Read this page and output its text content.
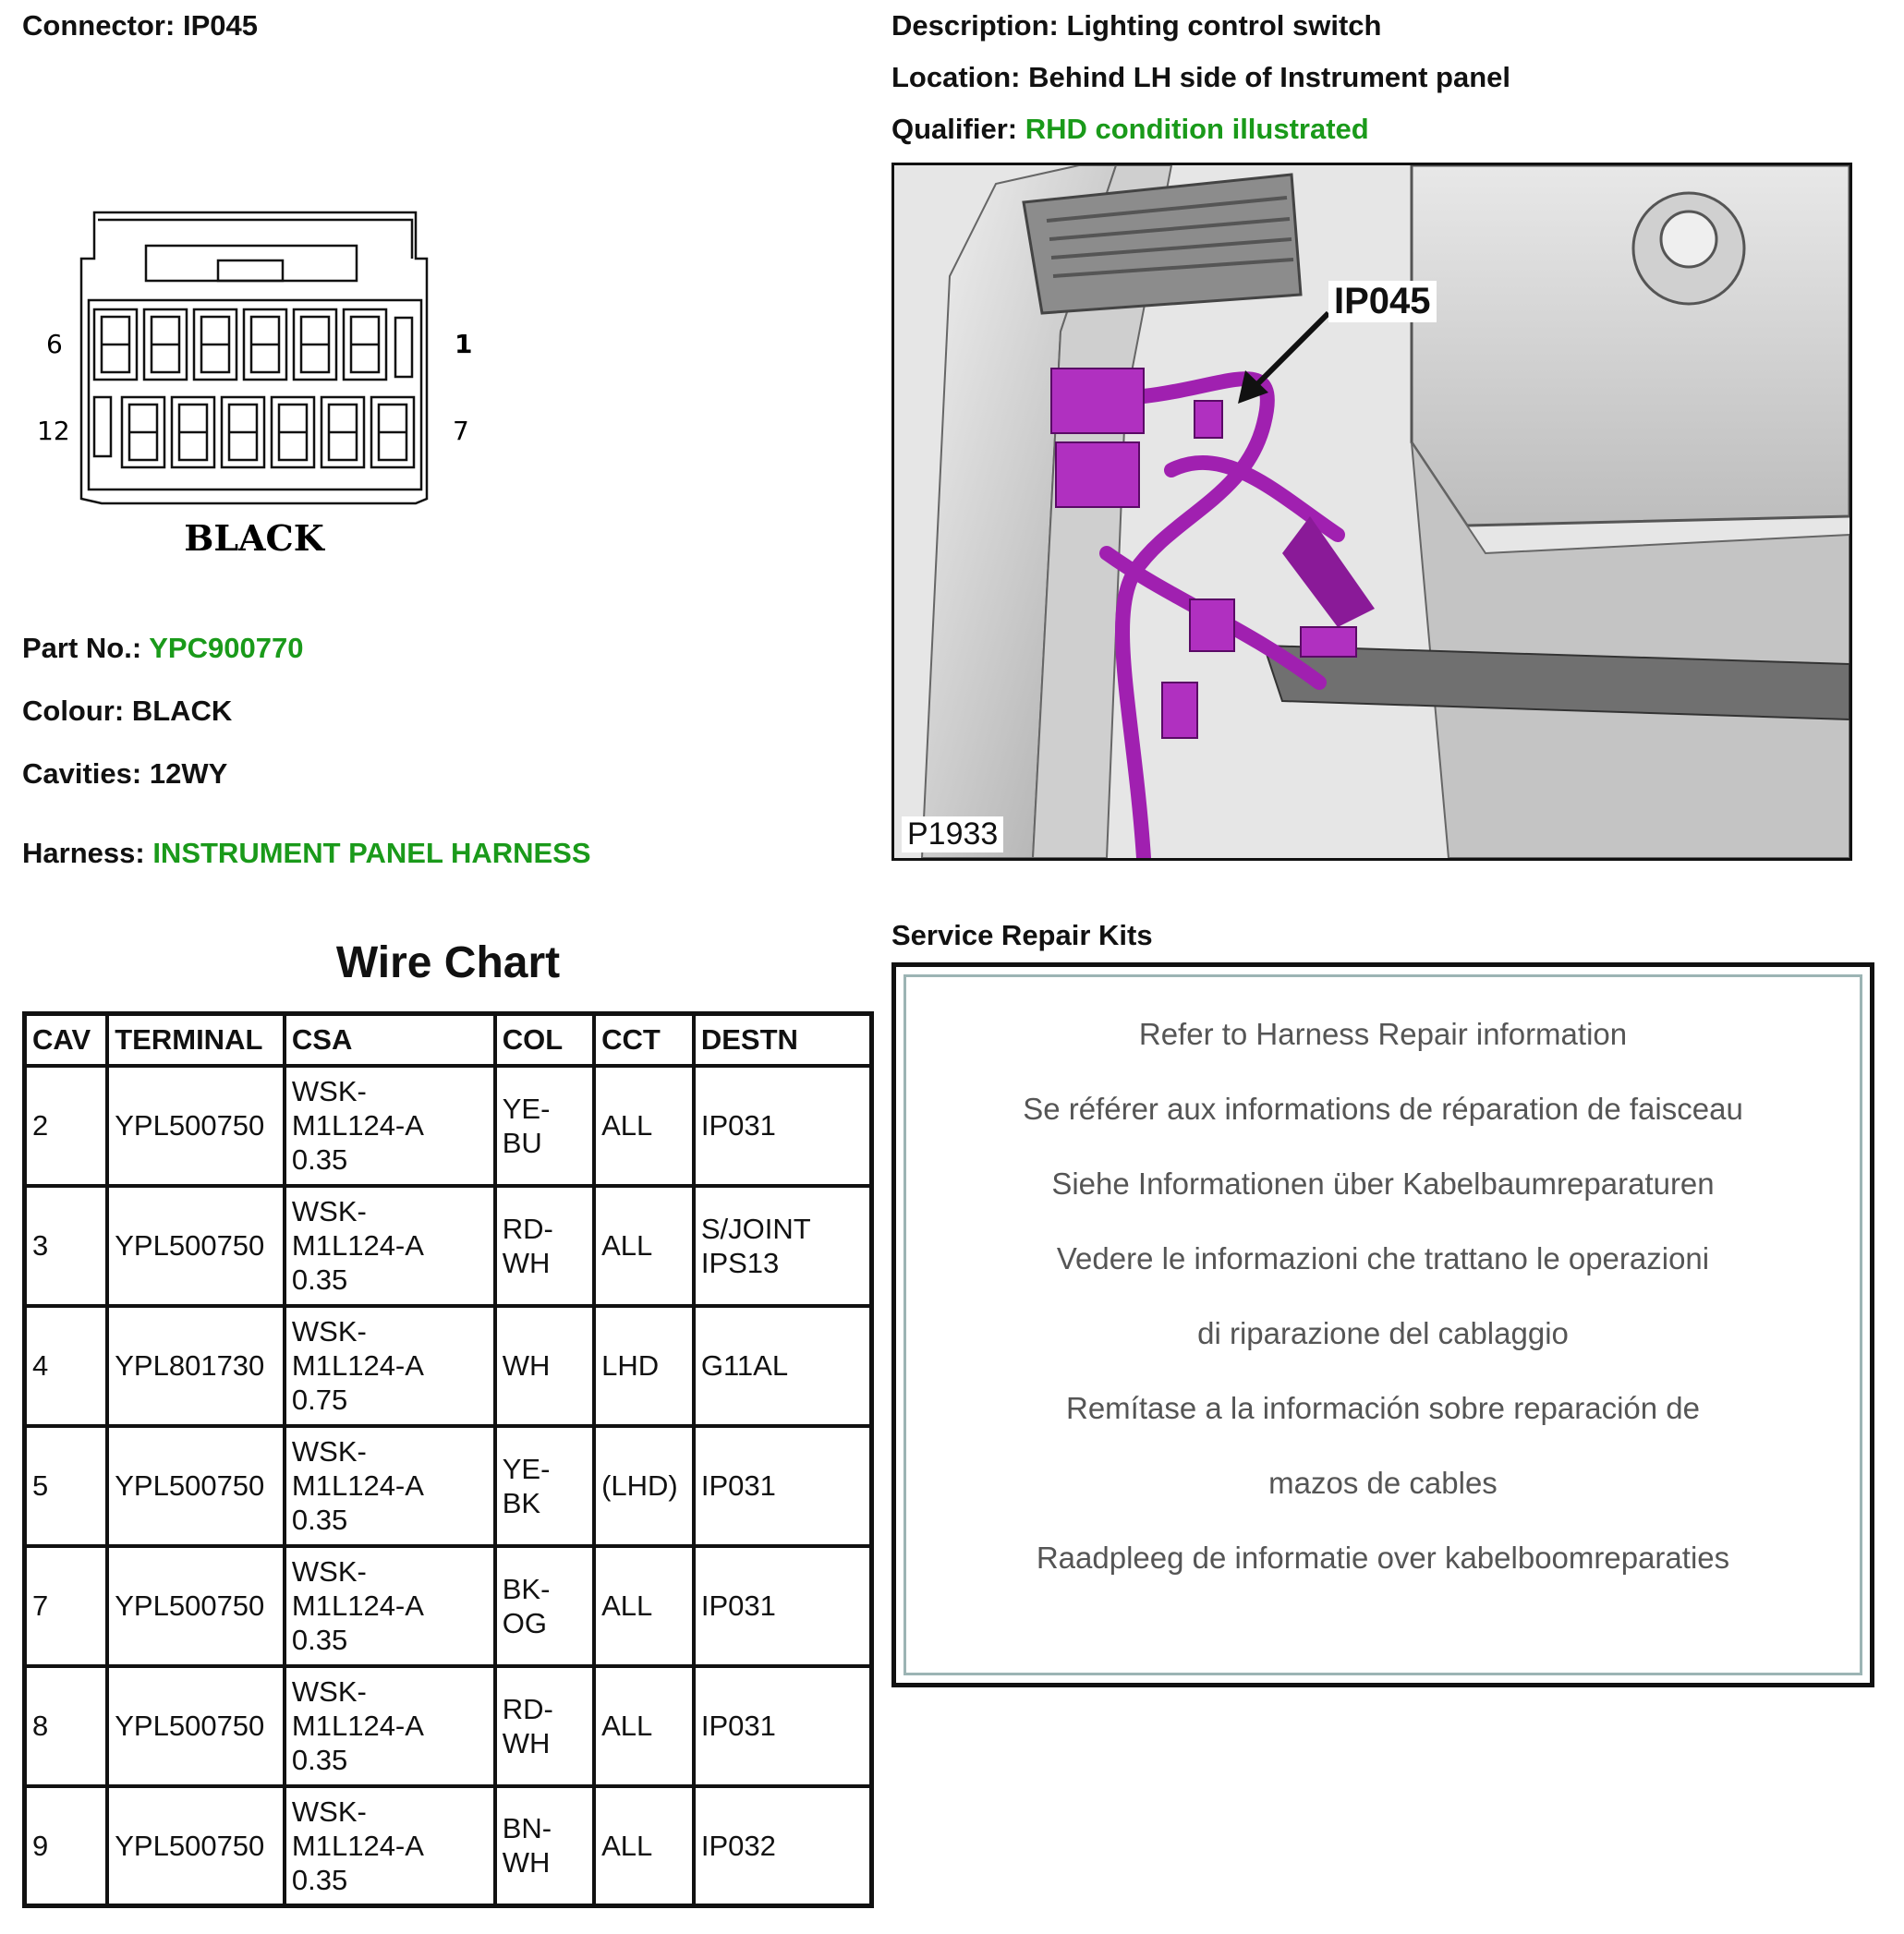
Connector: IP045	Description: Lighting control switch
Location: Behind LH side of Instrument panel
Qualifier: RHD condition illustrated
6	1
12	7
BLACK
Part No.: YPC900770
Colour: BLACK
Cavities: 12WY
Harness: INSTRUMENT PANEL HARNESS
IP045
P1933
Wire Chart
CAV	TERMINAL	CSA	COL	CCT	DESTN
2	YPL500750	WSK-
M1L124-A
0.35	YE-
BU	ALL	IP031

3	YPL500750	WSK-
M1L124-A
0.35	RD-
WH	ALL	S/JOINT
IPS13

4	YPL801730	WSK-
M1L124-A
0.75	WH	LHD	G11AL

5	YPL500750	WSK-
M1L124-A
0.35	YE-
BK	(LHD)	IP031

7	YPL500750	WSK-
M1L124-A
0.35	BK-
OG	ALL	IP031

8	YPL500750	WSK-
M1L124-A
0.35	RD-
WH	ALL	IP031

9	YPL500750	WSK-
M1L124-A
0.35	BN-
WH	ALL	IP032
Service Repair Kits
Refer to Harness Repair information
Se référer aux informations de réparation de faisceau
Siehe Informationen über Kabelbaumreparaturen
Vedere le informazioni che trattano le operazioni
di riparazione del cablaggio
Remítase a la información sobre reparación de
mazos de cables
Raadpleeg de informatie over kabelboomreparaties
